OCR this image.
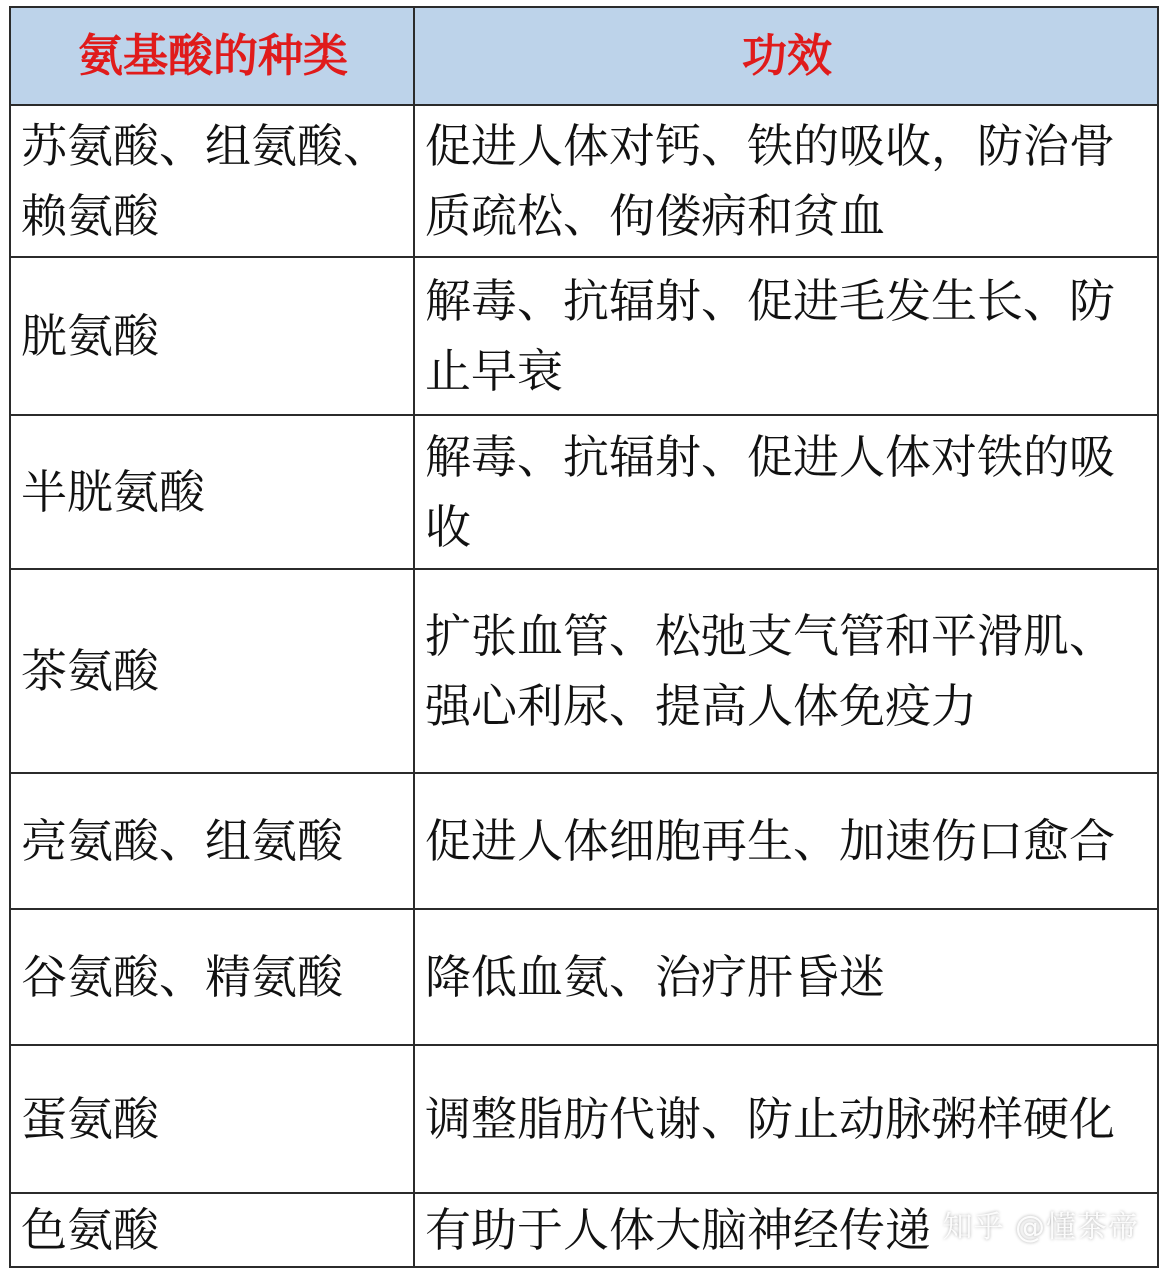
氨基酸的种类	功效
苏氨酸、组氨酸、赖氨酸	促进人体对钙、铁的吸收，防治骨质疏松、佝偻病和贫血
胱氨酸	解毒、抗辐射、促进毛发生长、防止早衰
半胱氨酸	解毒、抗辐射、促进人体对铁的吸收
茶氨酸	扩张血管、松弛支气管和平滑肌、强心利尿、提高人体免疫力
亮氨酸、组氨酸	促进人体细胞再生、加速伤口愈合
谷氨酸、精氨酸	降低血氨、治疗肝昏迷
蛋氨酸	调整脂肪代谢、防止动脉粥样硬化
色氨酸	有助于人体大脑神经传递 知乎 @懂茶帝
